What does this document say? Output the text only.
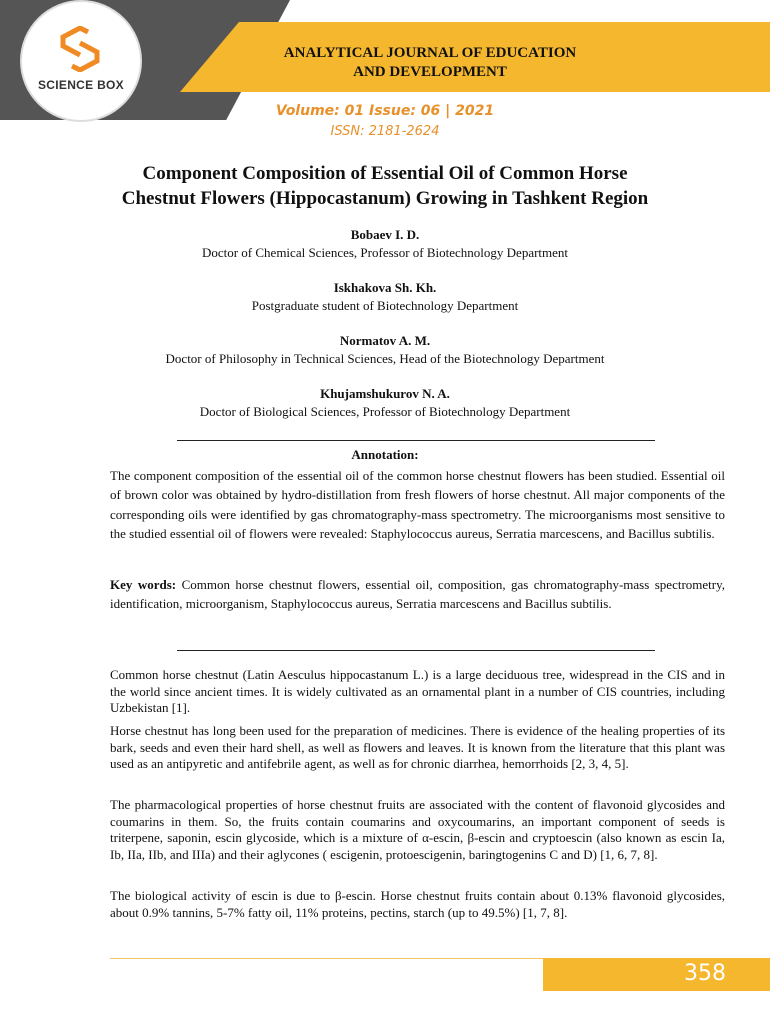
SCIENCE BOX
ANALYTICAL JOURNAL OF EDUCATION
AND DEVELOPMENT
Volume: 01 Issue: 06 | 2021
ISSN: 2181-2624
Component Composition of Essential Oil of Common Horse
Chestnut Flowers (Hippocastanum) Growing in Tashkent Region
Bobaev I. D.
Doctor of Chemical Sciences, Professor of Biotechnology Department
Iskhakova Sh. Kh.
Postgraduate student of Biotechnology Department
Normatov A. M.
Doctor of Philosophy in Technical Sciences, Head of the Biotechnology Department
Khujamshukurov N. A.
Doctor of Biological Sciences, Professor of Biotechnology Department
Annotation:
The component composition of the essential oil of the common horse chestnut flowers has been studied. Essential oil of brown color was obtained by hydro-distillation from fresh flowers of horse chestnut. All major components of the corresponding oils were identified by gas chromatography-mass spectrometry. The microorganisms most sensitive to the studied essential oil of flowers were revealed: Staphylococcus aureus, Serratia marcescens, and Bacillus subtilis.
Key words: Common horse chestnut flowers, essential oil, composition, gas chromatography-mass spectrometry, identification, microorganism, Staphylococcus aureus, Serratia marcescens and Bacillus subtilis.
Common horse chestnut (Latin Aesculus hippocastanum L.) is a large deciduous tree, widespread in the CIS and in the world since ancient times. It is widely cultivated as an ornamental plant in a number of CIS countries, including Uzbekistan [1].
Horse chestnut has long been used for the preparation of medicines. There is evidence of the healing properties of its bark, seeds and even their hard shell, as well as flowers and leaves. It is known from the literature that this plant was used as an antipyretic and antifebrile agent, as well as for chronic diarrhea, hemorrhoids [2, 3, 4, 5].
The pharmacological properties of horse chestnut fruits are associated with the content of flavonoid glycosides and coumarins in them. So, the fruits contain coumarins and oxycoumarins, an important component of seeds is triterpene, saponin, escin glycoside, which is a mixture of α-escin, β-escin and cryptoescin (also known as escin Ia, Ib, IIa, IIb, and IIIa) and their aglycones ( escigenin, protoescigenin, baringtogenins C and D) [1, 6, 7, 8].
The biological activity of escin is due to β-escin. Horse chestnut fruits contain about 0.13% flavonoid glycosides, about 0.9% tannins, 5-7% fatty oil, 11% proteins, pectins, starch (up to 49.5%) [1, 7, 8].
358
